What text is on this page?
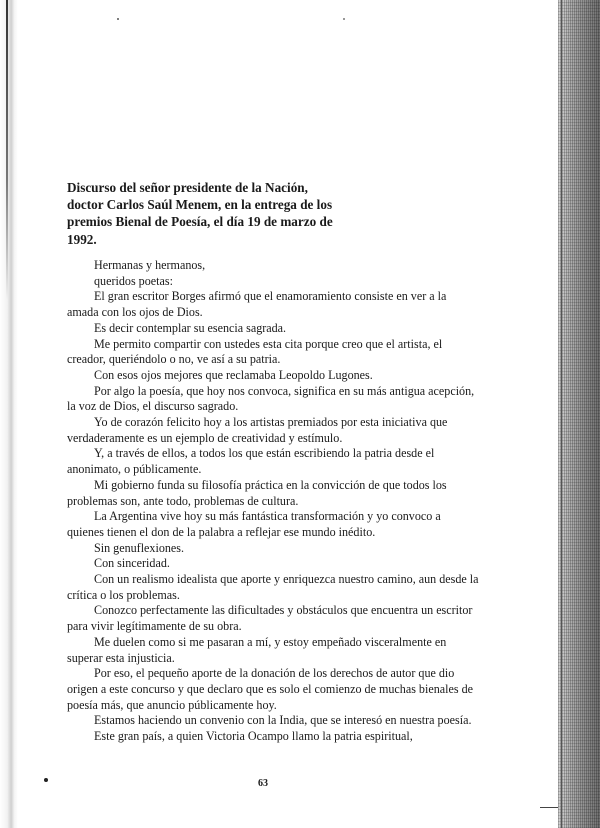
Discurso del señor presidente de la Nación,
doctor Carlos Saúl Menem, en la entrega de los
premios Bienal de Poesía, el día 19 de marzo de
1992.

Hermanas y hermanos,

queridos poetas:

El gran escritor Borges afirmó que el enamoramiento consiste en ver a la amada con los ojos de Dios.

Es decir contemplar su esencia sagrada.

Me permito compartir con ustedes esta cita porque creo que el artista, el creador, queriéndolo o no, ve así a su patria.

Con esos ojos mejores que reclamaba Leopoldo Lugones.

Por algo la poesía, que hoy nos convoca, significa en su más antigua acepción, la voz de Dios, el discurso sagrado.

Yo de corazón felicito hoy a los artistas premiados por esta iniciativa que verdaderamente es un ejemplo de creatividad y estímulo.

Y, a través de ellos, a todos los que están escribiendo la patria desde el anonimato, o públicamente.

Mi gobierno funda su filosofía práctica en la convicción de que todos los problemas son, ante todo, problemas de cultura.

La Argentina vive hoy su más fantástica transformación y yo convoco a quienes tienen el don de la palabra a reflejar ese mundo inédito.

Sin genuflexiones.

Con sinceridad.

Con un realismo idealista que aporte y enriquezca nuestro camino, aun desde la crítica o los problemas.

Conozco perfectamente las dificultades y obstáculos que encuentra un escritor para vivir legítimamente de su obra.

Me duelen como si me pasaran a mí, y estoy empeñado visceralmente en superar esta injusticia.

Por eso, el pequeño aporte de la donación de los derechos de autor que dio origen a este concurso y que declaro que es solo el comienzo de muchas bienales de poesía más, que anuncio públicamente hoy.

Estamos haciendo un convenio con la India, que se interesó en nuestra poesía.

Este gran país, a quien Victoria Ocampo llamo la patria espiritual,

63
